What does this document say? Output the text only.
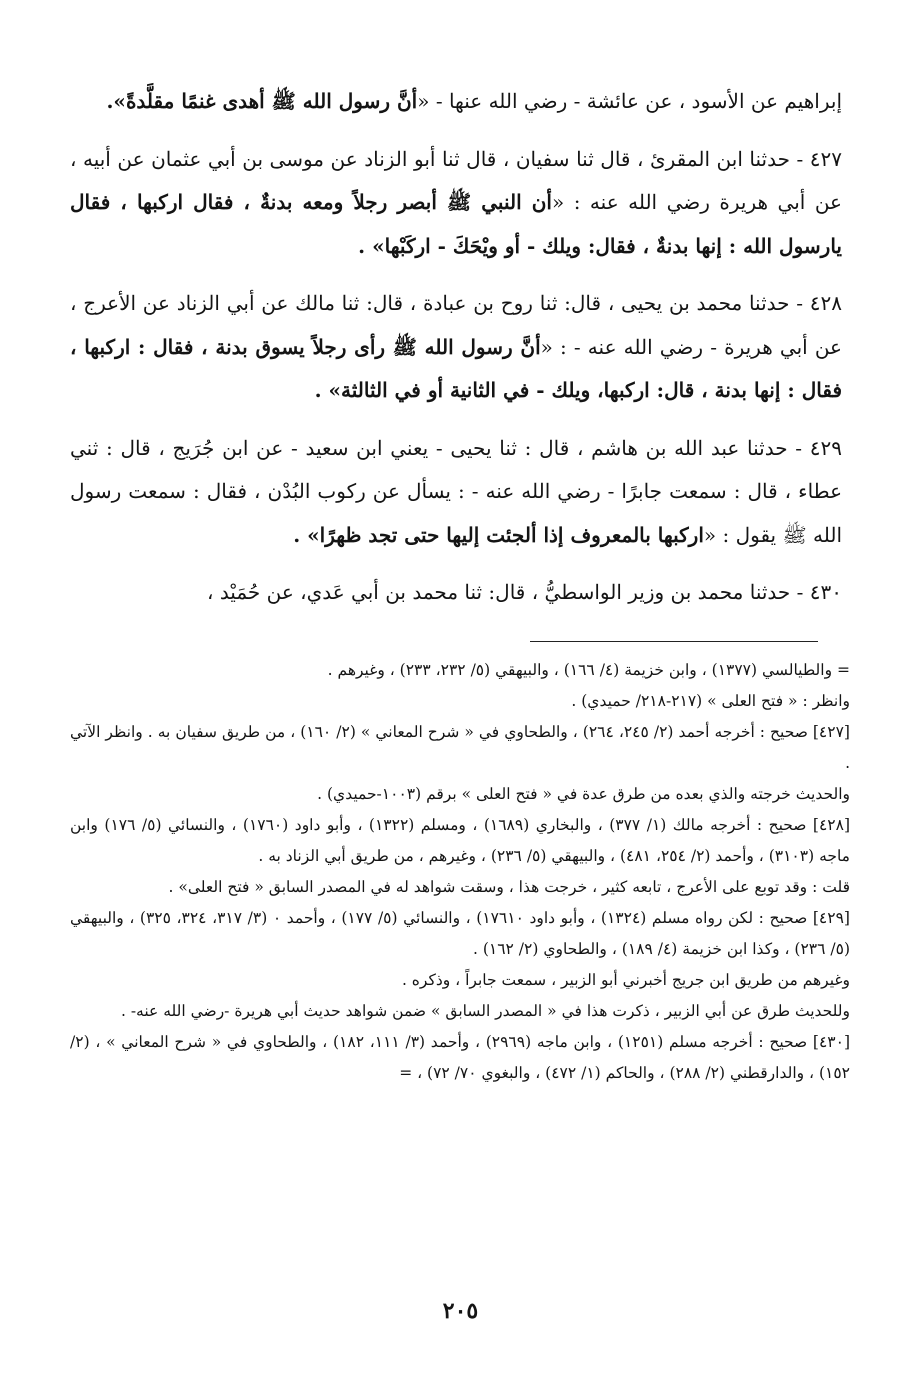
إبراهيم عن الأسود ، عن عائشة - رضي الله عنها - «أنَّ رسول الله ﷺ أهدى غنمًا مقلَّدةً».

٤٢٧ - حدثنا ابن المقرئ ، قال ثنا سفيان ، قال ثنا أبو الزناد عن موسى بن أبي عثمان عن أبيه ، عن أبي هريرة رضي الله عنه : «أن النبي ﷺ أبصر رجلاً ومعه بدنةٌ ، فقال اركبها ، فقال يارسول الله : إنها بدنةٌ ، فقال: ويلك - أو ويْحَكَ - اركَبْها» .

٤٢٨ - حدثنا محمد بن يحيى ، قال: ثنا روح بن عبادة ، قال: ثنا مالك عن أبي الزناد عن الأعرج ، عن أبي هريرة - رضي الله عنه - : «أنَّ رسول الله ﷺ رأى رجلاً يسوق بدنة ، فقال : اركبها ، فقال : إنها بدنة ، قال: اركبها، ويلك - في الثانية أو في الثالثة» .

٤٢٩ - حدثنا عبد الله بن هاشم ، قال : ثنا يحيى - يعني ابن سعيد - عن ابن جُرَيج ، قال : ثني عطاء ، قال : سمعت جابرًا - رضي الله عنه - : يسأل عن ركوب البُدْن ، فقال : سمعت رسول الله ﷺ يقول : «اركبها بالمعروف إذا ألجئت إليها حتى تجد ظهرًا» .

٤٣٠ - حدثنا محمد بن وزير الواسطيُّ ، قال: ثنا محمد بن أبي عَدي، عن حُمَيْد ،

= والطيالسي (١٣٧٧) ، وابن خزيمة (٤/ ١٦٦) ، والبيهقي (٥/ ٢٣٢، ٢٣٣) ، وغيرهم .

وانظر : « فتح العلى » (٢١٧-٢١٨/ حميدي) .

[٤٢٧] صحيح : أخرجه أحمد (٢/ ٢٤٥، ٢٦٤) ، والطحاوي في « شرح المعاني » (٢/ ١٦٠) ، من طريق سفيان به . وانظر الآتي .

والحديث خرجته والذي بعده من طرق عدة في « فتح العلى » برقم (١٠٠٣-حميدي) .

[٤٢٨] صحيح : أخرجه مالك (١/ ٣٧٧) ، والبخاري (١٦٨٩) ، ومسلم (١٣٢٢) ، وأبو داود (١٧٦٠) ، والنسائي (٥/ ١٧٦) وابن ماجه (٣١٠٣) ، وأحمد (٢/ ٢٥٤، ٤٨١) ، والبيهقي (٥/ ٢٣٦) ، وغيرهم ، من طريق أبي الزناد به .

قلت : وقد توبع على الأعرج ، تابعه كثير ، خرجت هذا ، وسقت شواهد له في المصدر السابق « فتح العلى» .

[٤٢٩] صحيح : لكن رواه مسلم (١٣٢٤) ، وأبو داود ١٧٦١٠) ، والنسائي (٥/ ١٧٧) ، وأحمد ٠ (٣/ ٣١٧، ٣٢٤، ٣٢٥) ، والبيهقي (٥/ ٢٣٦) ، وكذا ابن خزيمة (٤/ ١٨٩) ، والطحاوي (٢/ ١٦٢) .

وغيرهم من طريق ابن جريج أخبرني أبو الزبير ، سمعت جابراً ، وذكره .

وللحديث طرق عن أبي الزبير ، ذكرت هذا في « المصدر السابق » ضمن شواهد حديث أبي هريرة -رضي الله عنه- .

[٤٣٠] صحيح : أخرجه مسلم (١٢٥١) ، وابن ماجه (٢٩٦٩) ، وأحمد (٣/ ١١١، ١٨٢) ، والطحاوي في « شرح المعاني » ، (٢/ ١٥٢) ، والدارقطني (٢/ ٢٨٨) ، والحاكم (١/ ٤٧٢) ، والبغوي ٧٠/ ٧٢) ، =

٢٠٥
